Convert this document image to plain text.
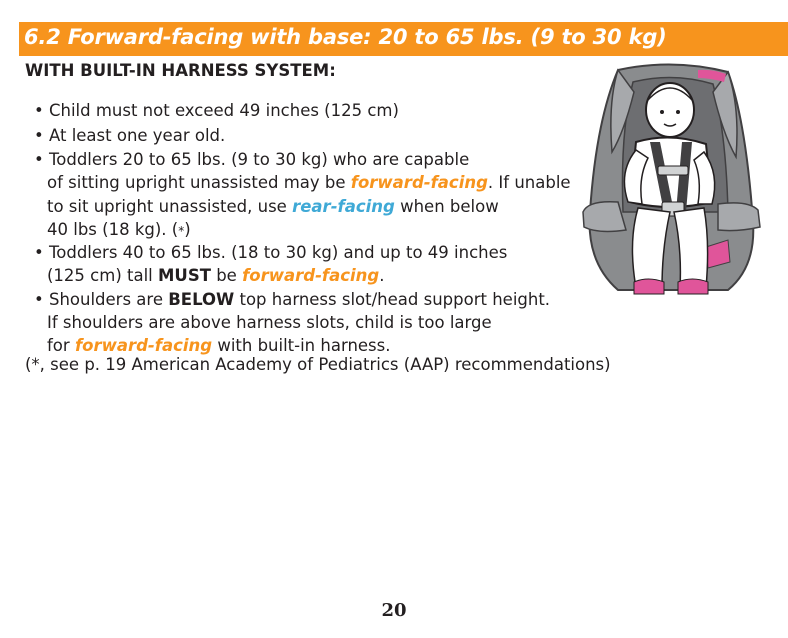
6.2 Forward-facing with base: 20 to 65 lbs. (9 to 30 kg)
WITH BUILT-IN HARNESS SYSTEM:
• Child must not exceed 49 inches (125 cm)
• At least one year old.
• Toddlers 20 to 65 lbs. (9 to 30 kg) who are capable
of sitting upright unassisted may be forward-facing. If unable
to sit upright unassisted, use rear-facing when below
40 lbs (18 kg). (*)
• Toddlers 40 to 65 lbs. (18 to 30 kg) and up to 49 inches
(125 cm) tall MUST be forward-facing.
• Shoulders are BELOW top harness slot/head support height.
If shoulders are above harness slots, child is too large
for forward-facing with built-in harness.
(*, see p. 19 American Academy of Pediatrics (AAP) recommendations)
20
